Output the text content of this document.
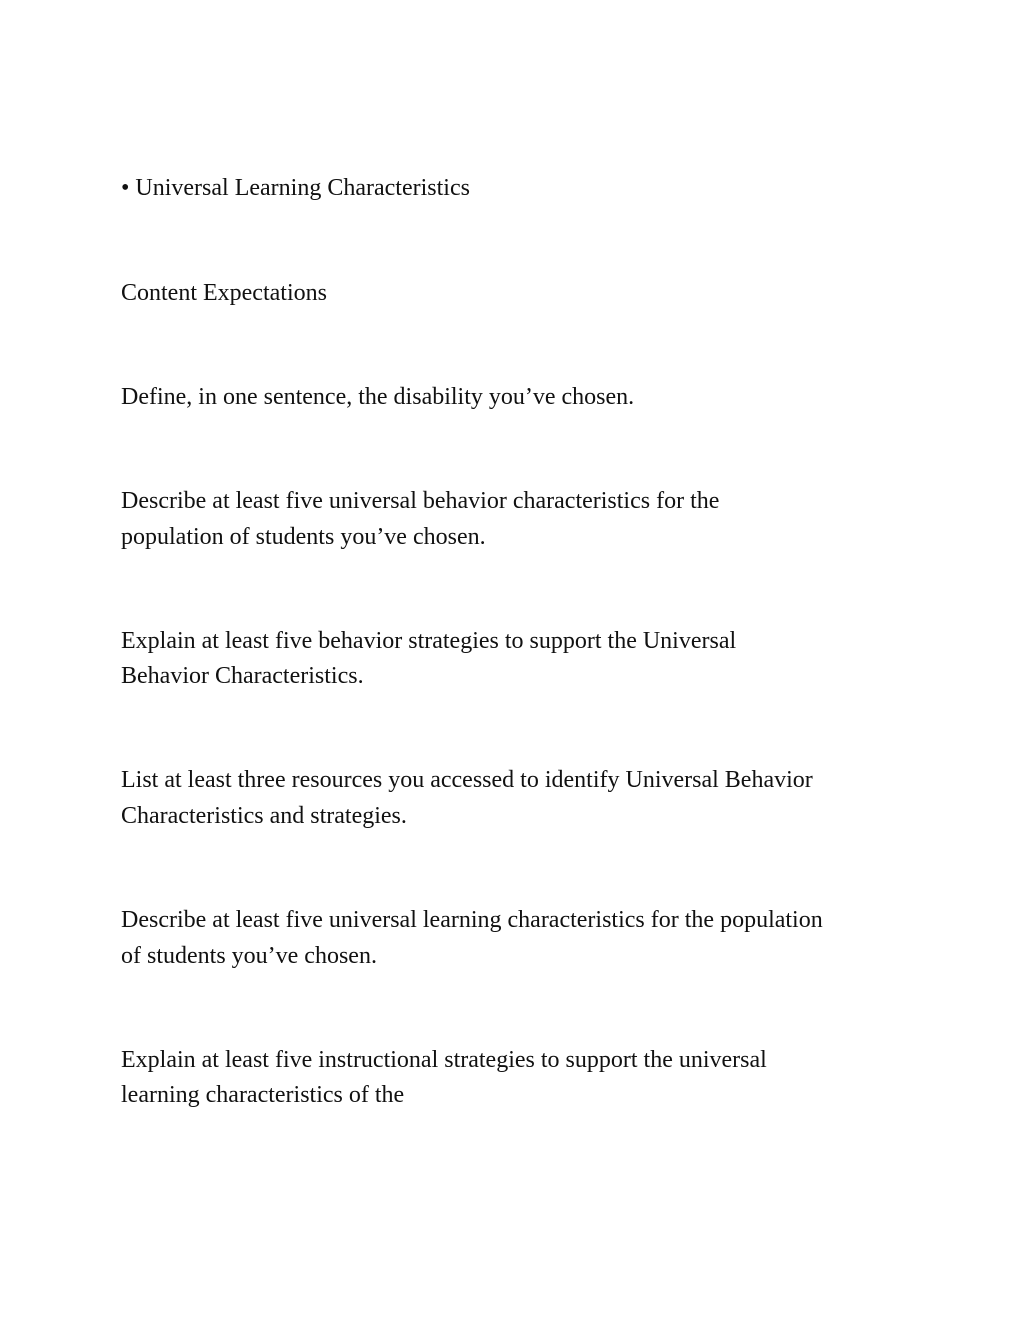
• Universal Learning Characteristics

Content Expectations

Define, in one sentence, the disability you’ve chosen.

Describe at least five universal behavior characteristics for the

population of students you’ve chosen.

Explain at least five behavior strategies to support the Universal

Behavior Characteristics.

List at least three resources you accessed to identify Universal Behavior

Characteristics and strategies.

Describe at least five universal learning characteristics for the population

of students you’ve chosen.

Explain at least five instructional strategies to support the universal

learning characteristics of the
